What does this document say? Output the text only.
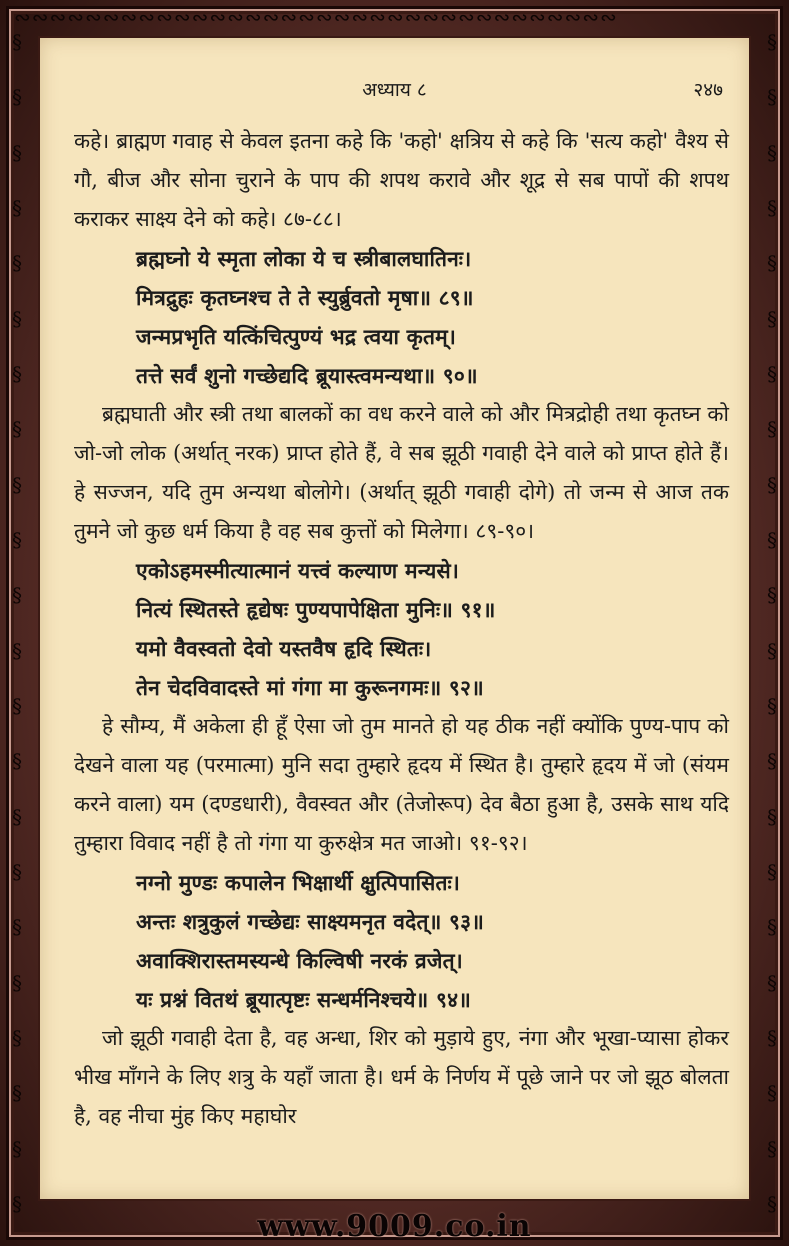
∾∾∾∾∾∾∾∾∾∾∾∾∾∾∾∾∾∾∾∾∾∾∾∾∾∾∾∾∾∾∾∾∾∾
§
§
§
§
§
§
§
§
§
§
§
§
§
§
§
§
§
§
§
§
§
§
§
§
§
§
§
§
§
§
§
§
§
§
§
§
§
§
§
§
§
§
§
§
अध्याय ८	२४७
कहे। ब्राह्मण गवाह से केवल इतना कहे कि 'कहो' क्षत्रिय से कहे कि 'सत्य कहो' वैश्य से गौ, बीज और सोना चुराने के पाप की शपथ करावे और शूद्र से सब पापों की शपथ कराकर साक्ष्य देने को कहे। ८७-८८।
ब्रह्मघ्नो ये स्मृता लोका ये च स्त्रीबालघातिनः।
मित्रद्रुहः कृतघ्नश्च ते ते स्युर्ब्रुवतो मृषा॥ ८९॥
जन्मप्रभृति यत्किंचित्पुण्यं भद्र त्वया कृतम्।
तत्ते सर्वं शुनो गच्छेद्यदि ब्रूयास्त्वमन्यथा॥ ९०॥
ब्रह्मघाती और स्त्री तथा बालकों का वध करने वाले को और मित्रद्रोही तथा कृतघ्न को जो-जो लोक (अर्थात् नरक) प्राप्त होते हैं, वे सब झूठी गवाही देने वाले को प्राप्त होते हैं। हे सज्जन, यदि तुम अन्यथा बोलोगे। (अर्थात् झूठी गवाही दोगे) तो जन्म से आज तक तुमने जो कुछ धर्म किया है वह सब कुत्तों को मिलेगा। ८९-९०।
एकोऽहमस्मीत्यात्मानं यत्त्वं कल्याण मन्यसे।
नित्यं स्थितस्ते हृद्येषः पुण्यपापेक्षिता मुनिः॥ ९१॥
यमो वैवस्वतो देवो यस्तवैष हृदि स्थितः।
तेन चेदविवादस्ते मां गंगा मा कुरूनगमः॥ ९२॥
हे सौम्य, मैं अकेला ही हूँ ऐसा जो तुम मानते हो यह ठीक नहीं क्योंकि पुण्य-पाप को देखने वाला यह (परमात्मा) मुनि सदा तुम्हारे हृदय में स्थित है। तुम्हारे हृदय में जो (संयम करने वाला) यम (दण्डधारी), वैवस्वत और (तेजोरूप) देव बैठा हुआ है, उसके साथ यदि तुम्हारा विवाद नहीं है तो गंगा या कुरुक्षेत्र मत जाओ। ९१-९२।
नग्नो मुण्डः कपालेन भिक्षार्थी क्षुत्पिपासितः।
अन्तः शत्रुकुलं गच्छेद्यः साक्ष्यमनृत वदेत्॥ ९३॥
अवाक्शिरास्तमस्यन्धे किल्विषी नरकं व्रजेत्।
यः प्रश्नं वितथं ब्रूयात्पृष्टः सन्धर्मनिश्चये॥ ९४॥
जो झूठी गवाही देता है, वह अन्धा, शिर को मुड़ाये हुए, नंगा और भूखा-प्यासा होकर भीख माँगने के लिए शत्रु के यहाँ जाता है। धर्म के निर्णय में पूछे जाने पर जो झूठ बोलता है, वह नीचा मुंह किए महाघोर
www.9009.co.in
